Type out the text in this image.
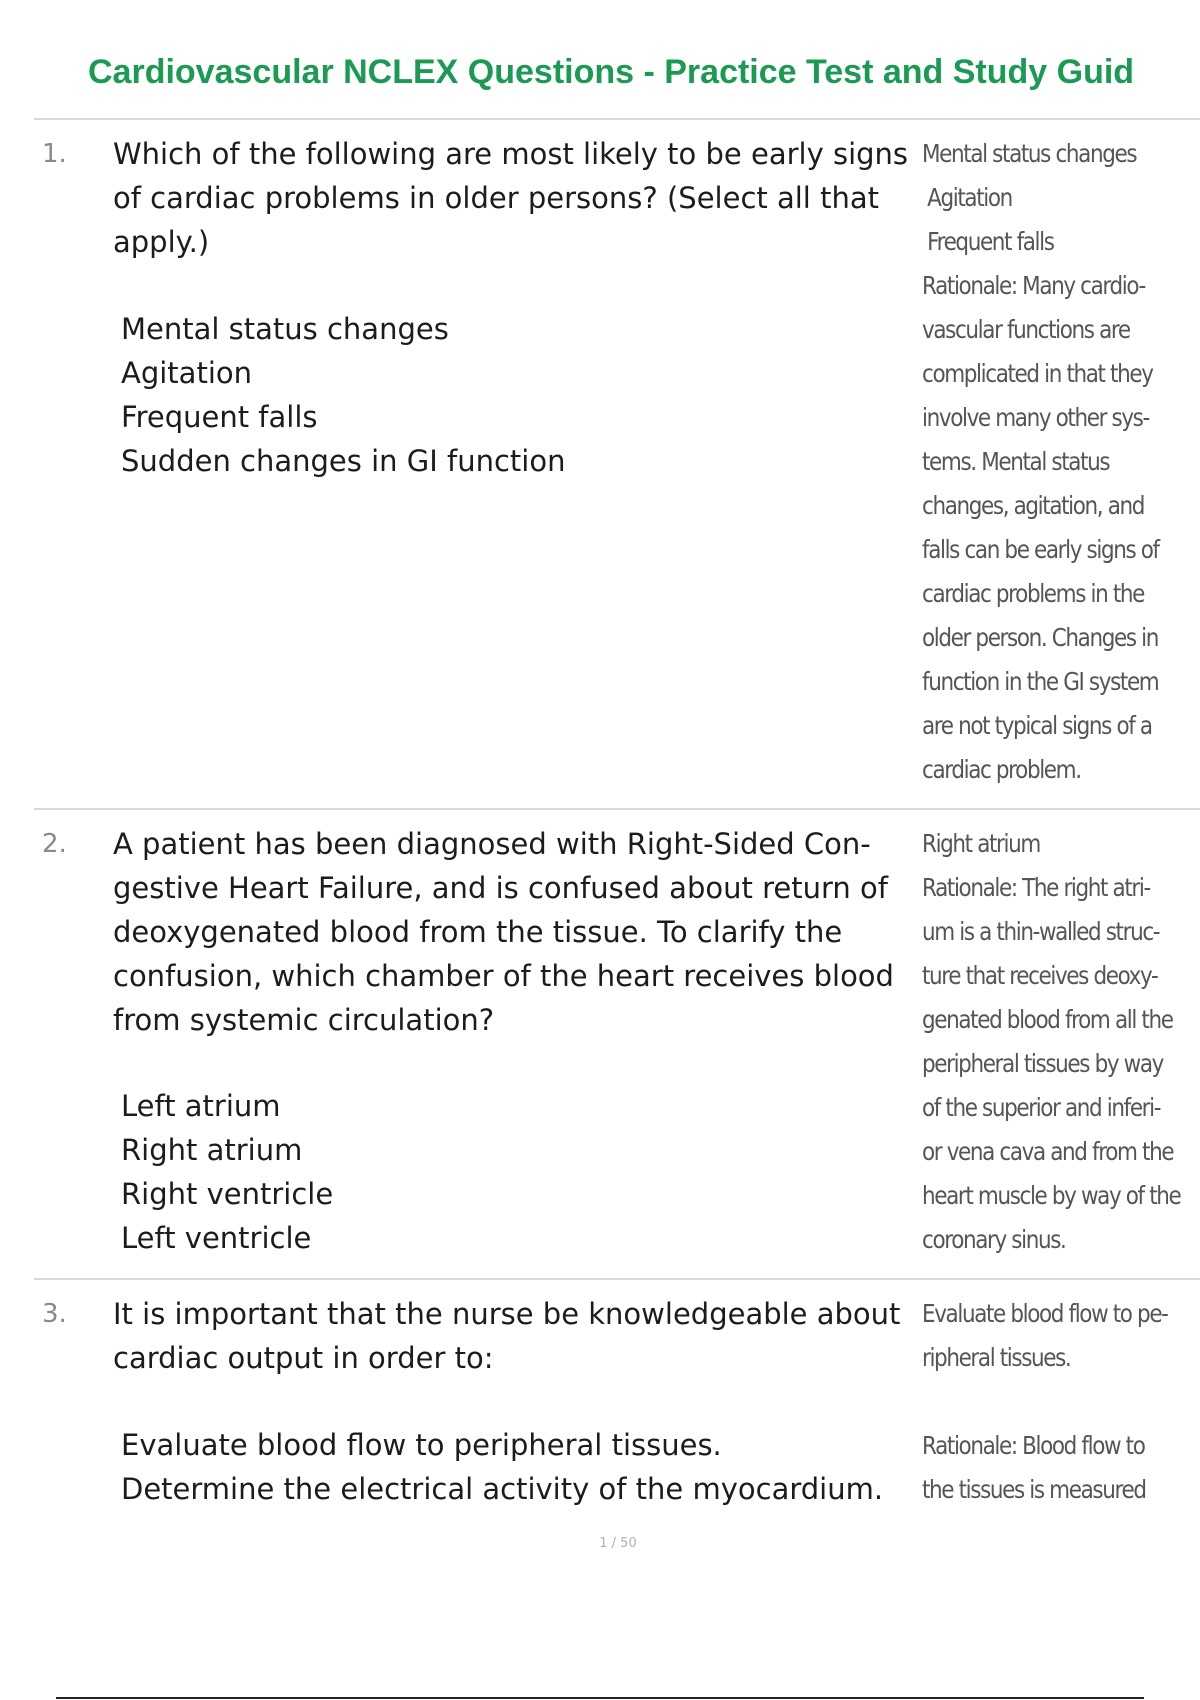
Cardiovascular NCLEX Questions - Practice Test and Study Guid
1. Which of the following are most likely to be early signs of cardiac problems in older persons? (Select all that apply.)

Mental status changes
Agitation
Frequent falls
Sudden changes in GI function
Mental status changes
Agitation
Frequent falls
Rationale: Many cardio-
vascular functions are
complicated in that they
involve many other sys-
tems. Mental status
changes, agitation, and
falls can be early signs of
cardiac problems in the
older person. Changes in
function in the GI system
are not typical signs of a
cardiac problem.
2. A patient has been diagnosed with Right-Sided Con- gestive Heart Failure, and is confused about return of deoxygenated blood from the tissue. To clarify the confusion, which chamber of the heart receives blood from systemic circulation?

Left atrium
Right atrium
Right ventricle
Left ventricle
Right atrium
Rationale: The right atri-
um is a thin-walled struc-
ture that receives deoxy-
genated blood from all the
peripheral tissues by way
of the superior and inferi-
or vena cava and from the
heart muscle by way of the
coronary sinus.
3. It is important that the nurse be knowledgeable about cardiac output in order to:

Evaluate blood flow to peripheral tissues.
Determine the electrical activity of the myocardium.
Evaluate blood flow to pe-
ripheral tissues.
Rationale: Blood flow to
the tissues is measured
1 / 50
